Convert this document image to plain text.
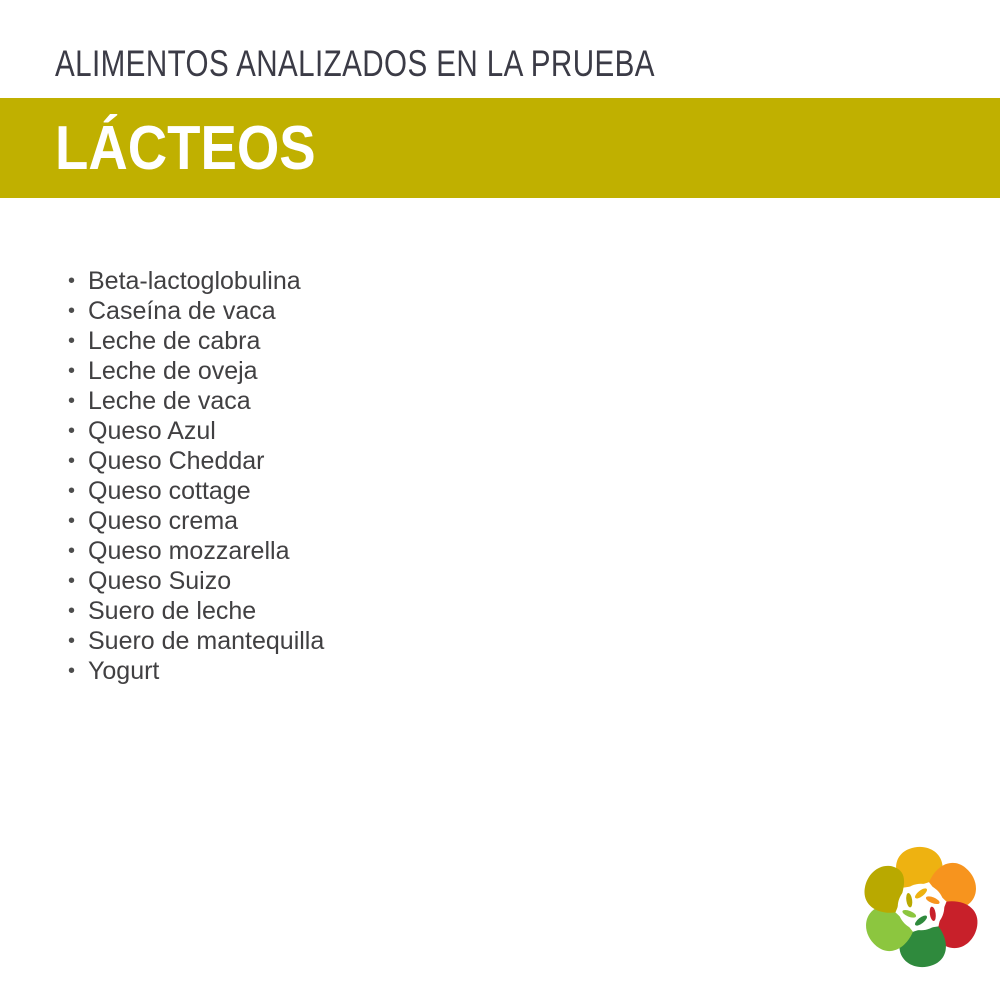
ALIMENTOS ANALIZADOS EN LA PRUEBA
LÁCTEOS
• Beta-lactoglobulina
• Caseína de vaca
• Leche de cabra
• Leche de oveja
• Leche de vaca
• Queso Azul
• Queso Cheddar
• Queso cottage
• Queso crema
• Queso mozzarella
• Queso Suizo
• Suero de leche
• Suero de mantequilla
• Yogurt
